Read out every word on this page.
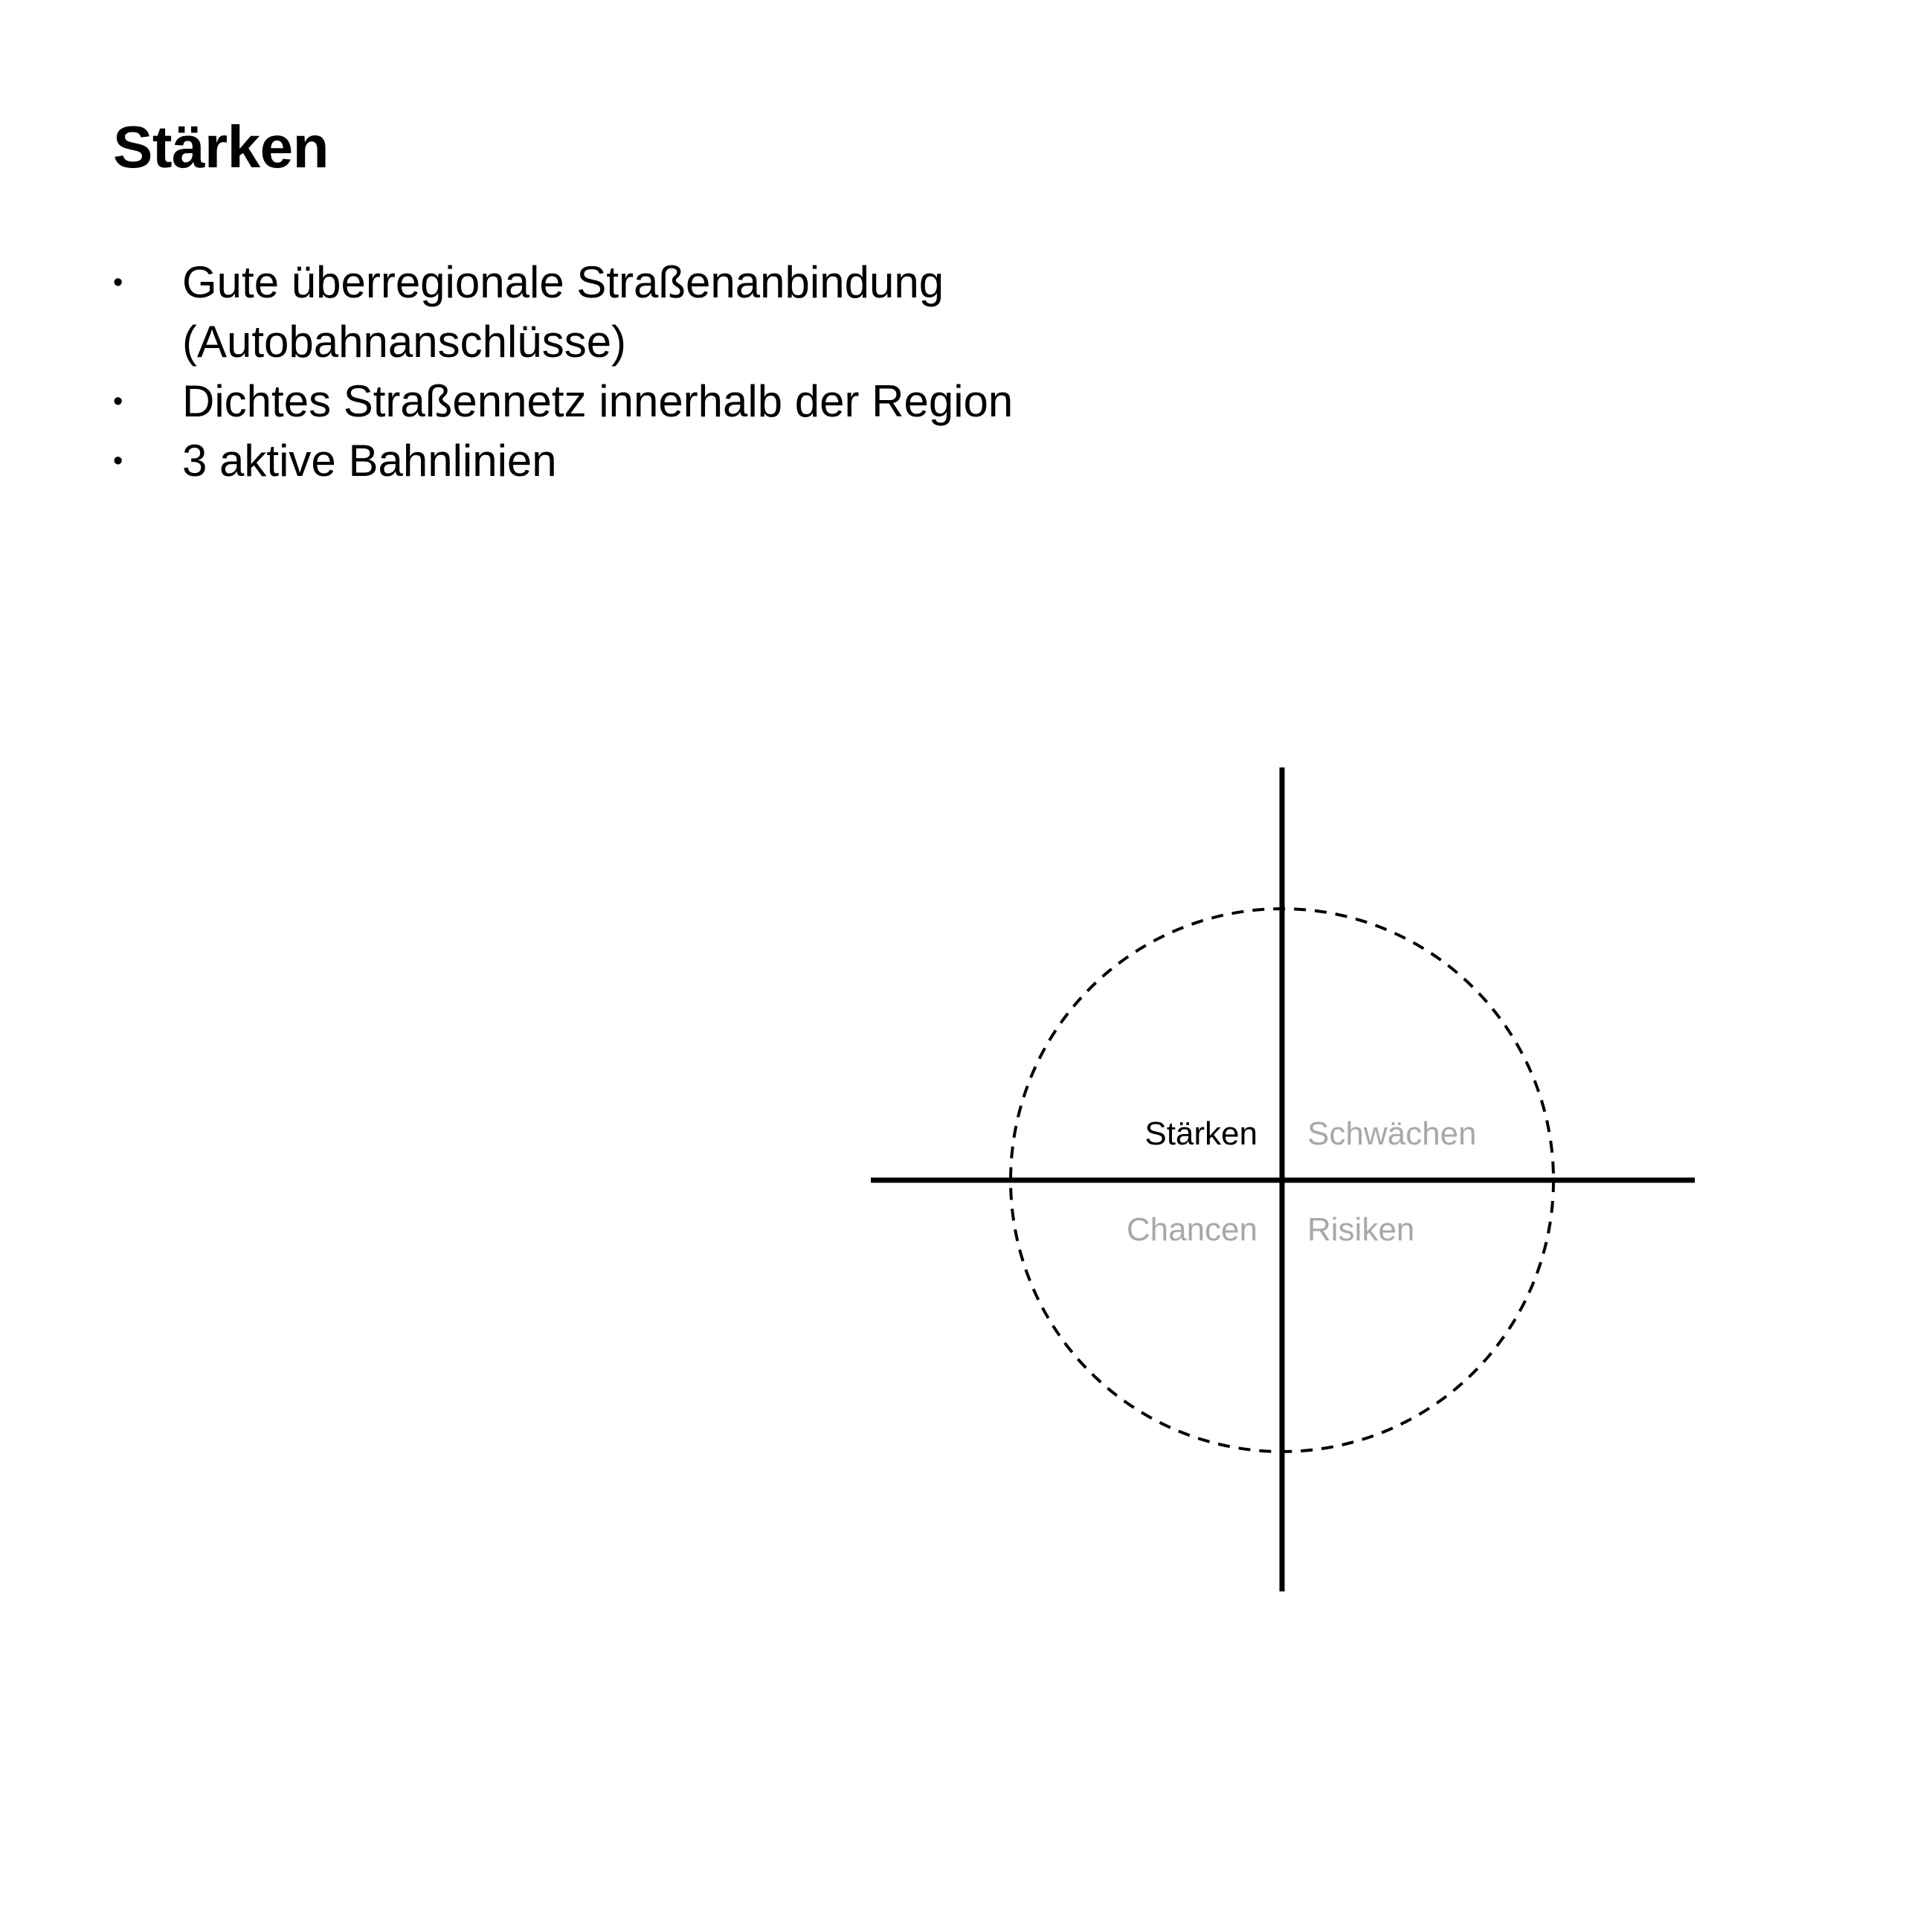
Stärken
• Gute überregionale Straßenanbindung (Autobahnanschlüsse)
• Dichtes Straßennetz innerhalb der Region
• 3 aktive Bahnlinien
Stärken Schwächen
Chancen Risiken
